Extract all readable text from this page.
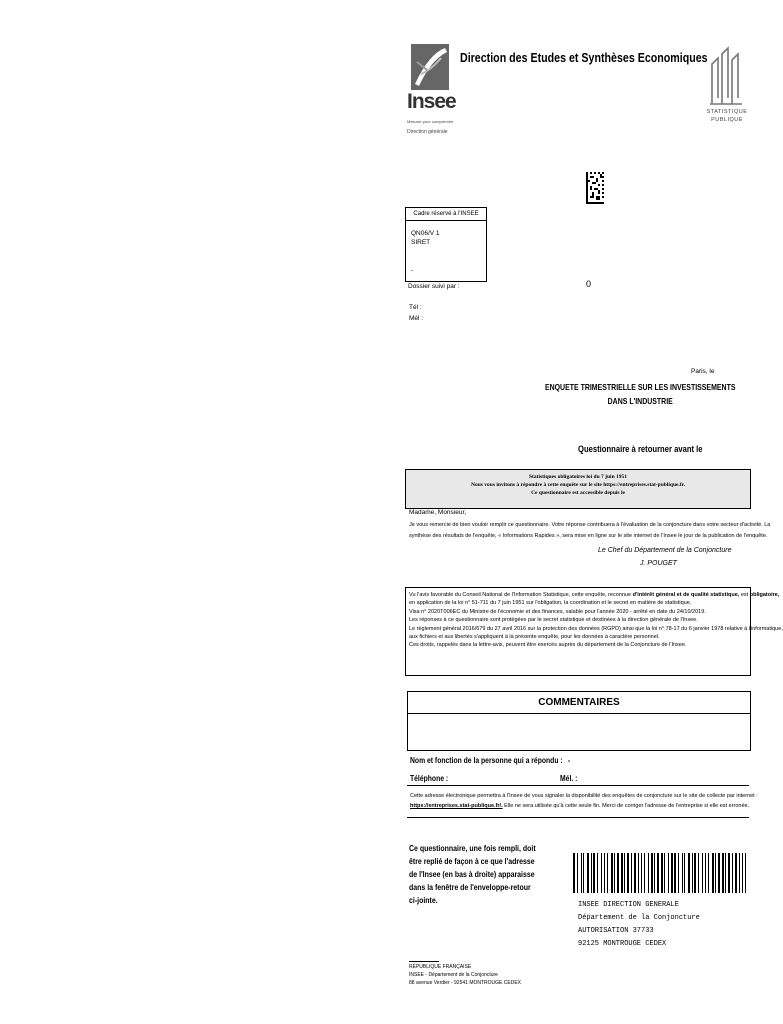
Insee
Mesurer pour comprendre
Direction générale
Direction des Etudes et Synthèses Economiques
STATISTIQUE
PUBLIQUE
Cadre réservé à l'INSEE
QN06/V 1
SIRET
-
Dossier suivi par :	0
Tél :
Mél :
Paris, le
ENQUETE TRIMESTRIELLE SUR LES INVESTISSEMENTS
DANS L'INDUSTRIE
Questionnaire à retourner avant le
Statistiques obligatoires loi du 7 juin 1951
Nous vous invitons à répondre à cette enquête sur le site https://entreprises.stat-publique.fr.
Ce questionnaire est accessible depuis le
Madame, Monsieur,
Je vous remercie de bien vouloir remplir ce questionnaire. Votre réponse contribuera à l'évaluation de la conjoncture dans votre secteur d'activité. La
synthèse des résultats de l'enquête, « Informations Rapides », sera mise en ligne sur le site internet de l'Insee le jour de la publication de l'enquête.
Le Chef du Département de la Conjoncture
J. POUGET
Vu l'avis favorable du Conseil National de l'Information Statistique, cette enquête, reconnue d'intérêt général et de qualité statistique, est obligatoire,
en application de la loi n° 51-711 du 7 juin 1951 sur l'obligation, la coordination et le secret en matière de statistique.
Visa n° 2020T006EC du Ministre de l'économie et des finances, valable pour l'année 2020 - arrêté en date du 24/10/2019.
Les réponses à ce questionnaire sont protégées par le secret statistique et destinées à la direction générale de l'Insee.
Le règlement général 2016/679 du 27 avril 2016 sur la protection des données (RGPD) ainsi que la loi n° 78-17 du 6 janvier 1978 relative à l'informatique,
aux fichiers et aux libertés s'appliquent à la présente enquête, pour les données à caractère personnel.
Ces droits, rappelés dans la lettre-avis, peuvent être exercés auprès du département de la Conjoncture de l'Insee.
COMMENTAIRES
Nom et fonction de la personne qui a répondu : -
Téléphone :	Mél. :
Cette adresse électronique permettra à l'Insee de vous signaler la disponibilité des enquêtes de conjoncture sur le site de collecte par internet :
https://entreprises.stat-publique.fr/. Elle ne sera utilisée qu'à cette seule fin. Merci de corriger l'adresse de l'entreprise si elle est erronée.
Ce questionnaire, une fois rempli, doit
être replié de façon à ce que l'adresse
de l'Insee (en bas à droite) apparaisse
dans la fenêtre de l'enveloppe-retour
ci-jointe.	INSEE DIRECTION GENERALE
Département de la Conjoncture
AUTORISATION 37733
92125 MONTROUGE CEDEX
RÉPUBLIQUE FRANÇAISE
INSEE - Département de la Conjoncture
88 avenue Verdier - 92541 MONTROUGE CEDEX
